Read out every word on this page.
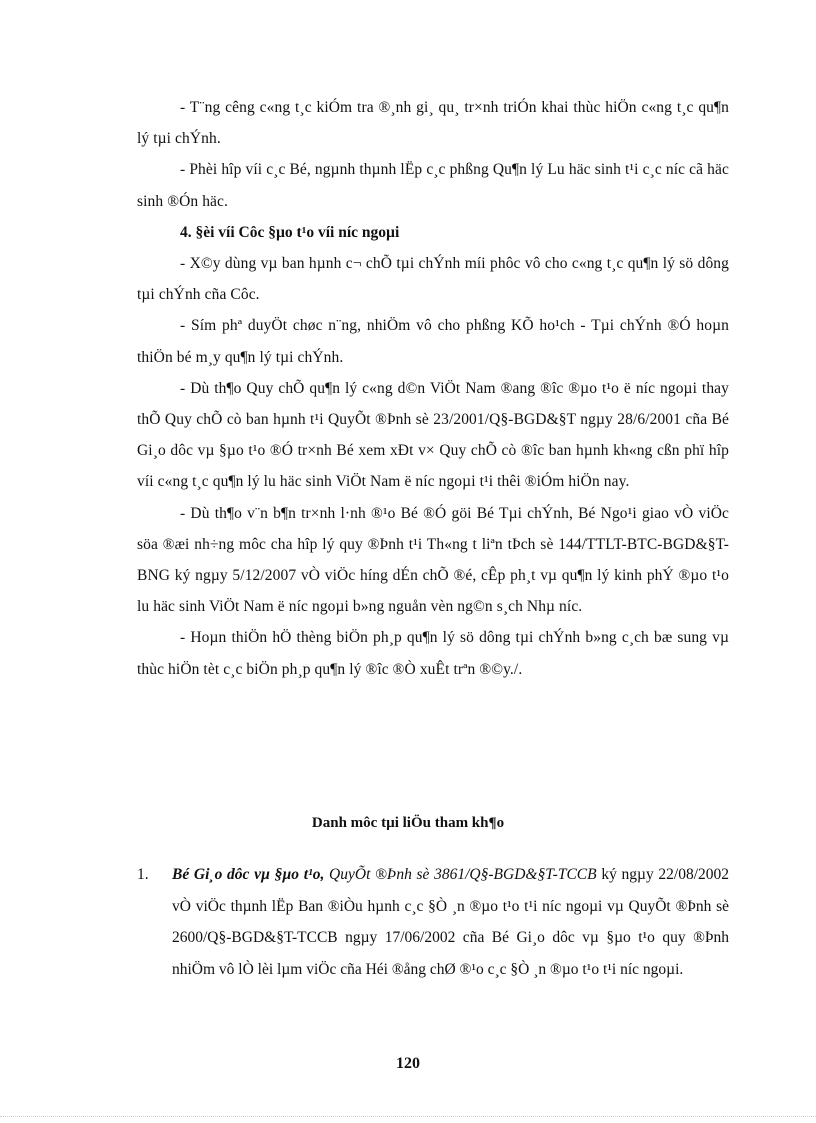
- T¨ng cêng c«ng t¸c kiÓm tra ®¸nh gi¸ qu¸ tr×nh triÓn khai thùc hiÖn c«ng t¸c qu¶n lý tµi chÝnh.

- Phèi hîp víi c¸c Bé, ngµnh thµnh lËp c¸c phßng Qu¶n lý Lu häc sinh t¹i c¸c níc cã häc sinh ®Ón häc.

4. §èi víi Côc §µo t¹o víi níc ngoµi

- X©y dùng vµ ban hµnh c¬ chÕ tµi chÝnh míi phôc vô cho c«ng t¸c qu¶n lý sö dông tµi chÝnh cña Côc.

- Sím phª duyÖt chøc n¨ng, nhiÖm vô cho phßng KÕ ho¹ch - Tµi chÝnh ®Ó hoµn thiÖn bé m¸y qu¶n lý tµi chÝnh.

- Dù th¶o Quy chÕ qu¶n lý c«ng d©n ViÖt Nam ®ang ®îc ®µo t¹o ë níc ngoµi thay thÕ Quy chÕ cò ban hµnh t¹i QuyÕt ®Þnh sè 23/2001/Q§-BGD&§T ngµy 28/6/2001 cña Bé Gi¸o dôc vµ §µo t¹o ®Ó tr×nh Bé xem xÐt v× Quy chÕ cò ®îc ban hµnh kh«ng cßn phï hîp víi c«ng t¸c qu¶n lý lu häc sinh ViÖt Nam ë níc ngoµi t¹i thêi ®iÓm hiÖn nay.

- Dù th¶o v¨n b¶n tr×nh l·nh ®¹o Bé ®Ó göi Bé Tµi chÝnh, Bé Ngo¹i giao vÒ viÖc söa ®æi nh÷ng môc cha hîp lý quy ®Þnh t¹i Th«ng t liªn tÞch sè 144/TTLT-BTC-BGD&§T-BNG ký ngµy 5/12/2007 vÒ viÖc híng dÉn chÕ ®é, cÊp ph¸t vµ qu¶n lý kinh phÝ ®µo t¹o lu häc sinh ViÖt Nam ë níc ngoµi b»ng nguån vèn ng©n s¸ch Nhµ níc.

- Hoµn thiÖn hÖ thèng biÖn ph¸p qu¶n lý sö dông tµi chÝnh b»ng c¸ch bæ sung vµ thùc hiÖn tèt c¸c biÖn ph¸p qu¶n lý ®îc ®Ò xuÊt trªn ®©y./.

Danh môc tµi liÖu tham kh¶o
1.	Bé Gi¸o dôc vµ §µo t¹o, QuyÕt ®Þnh sè 3861/Q§-BGD&§T-TCCB ký ngµy 22/08/2002 vÒ viÖc thµnh lËp Ban ®iÒu hµnh c¸c §Ò ¸n ®µo t¹o t¹i níc ngoµi vµ QuyÕt ®Þnh sè 2600/Q§-BGD&§T-TCCB ngµy 17/06/2002 cña Bé Gi¸o dôc vµ §µo t¹o quy ®Þnh nhiÖm vô lÒ lèi lµm viÖc cña Héi ®ång chØ ®¹o c¸c §Ò ¸n ®µo t¹o t¹i níc ngoµi.
120
